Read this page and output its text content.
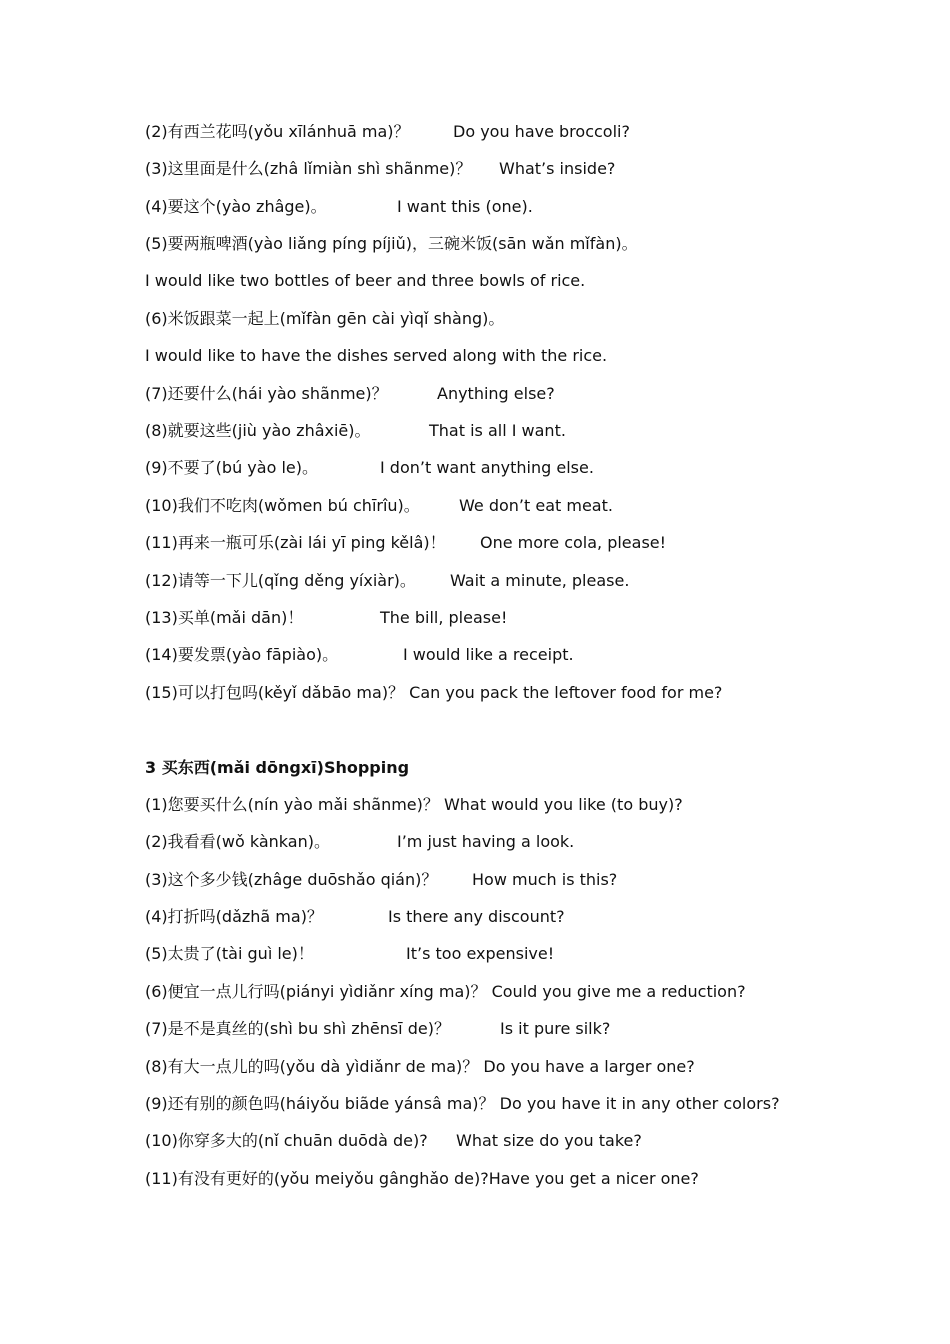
(2)有西兰花吗(yǒu xīlánhuā ma)？	Do you have broccoli?
(3)这里面是什么(zhâ lǐmiàn shì shãnme)？ What’s inside?
(4)要这个(yào zhâge)。	I want this (one).
(5)要两瓶啤酒(yào liǎng píng píjiǔ)，三碗米饭(sān wǎn mǐfàn)。
I would like two bottles of beer and three bowls of rice.
(6)米饭跟菜一起上(mǐfàn gēn cài yìqǐ shàng)。
I would like to have the dishes served along with the rice.
(7)还要什么(hái yào shãnme)？	Anything else?
(8)就要这些(jiù yào zhâxiē)。	That is all I want.
(9)不要了(bú yào le)。	I don’t want anything else.
(10)我们不吃肉(wǒmen bú chīrîu)。 We don’t eat meat.
(11)再来一瓶可乐(zài lái yī ping kělâ)！ One more cola, please!
(12)请等一下儿(qǐng děng yíxiàr)。 Wait a minute, please.
(13)买单(mǎi dān)！	The bill, please!
(14)要发票(yào fāpiào)。	I would like a receipt.
(15)可以打包吗(kěyǐ dǎbāo ma)？ Can you pack the leftover food for me?
3 买东西(mǎi dōngxī)Shopping
(1)您要买什么(nín yào mǎi shãnme)？ What would you like (to buy)?
(2)我看看(wǒ kànkan)。	I’m just having a look.
(3)这个多少钱(zhâge duōshǎo qián)？ How much is this?
(4)打折吗(dǎzhã ma)？	Is there any discount?
(5)太贵了(tài guì le)！	It’s too expensive!
(6)便宜一点儿行吗(piányi yìdiǎnr xíng ma)？ Could you give me a reduction?
(7)是不是真丝的(shì bu shì zhēnsī de)？	Is it pure silk?
(8)有大一点儿的吗(yǒu dà yìdiǎnr de ma)？ Do you have a larger one?
(9)还有别的颜色吗(háiyǒu biãde yánsâ ma)？ Do you have it in any other colors?
(10)你穿多大的(nǐ chuān duōdà de)? What size do you take?
(11)有没有更好的(yǒu meiyǒu gânghǎo de)?Have you get a nicer one?
